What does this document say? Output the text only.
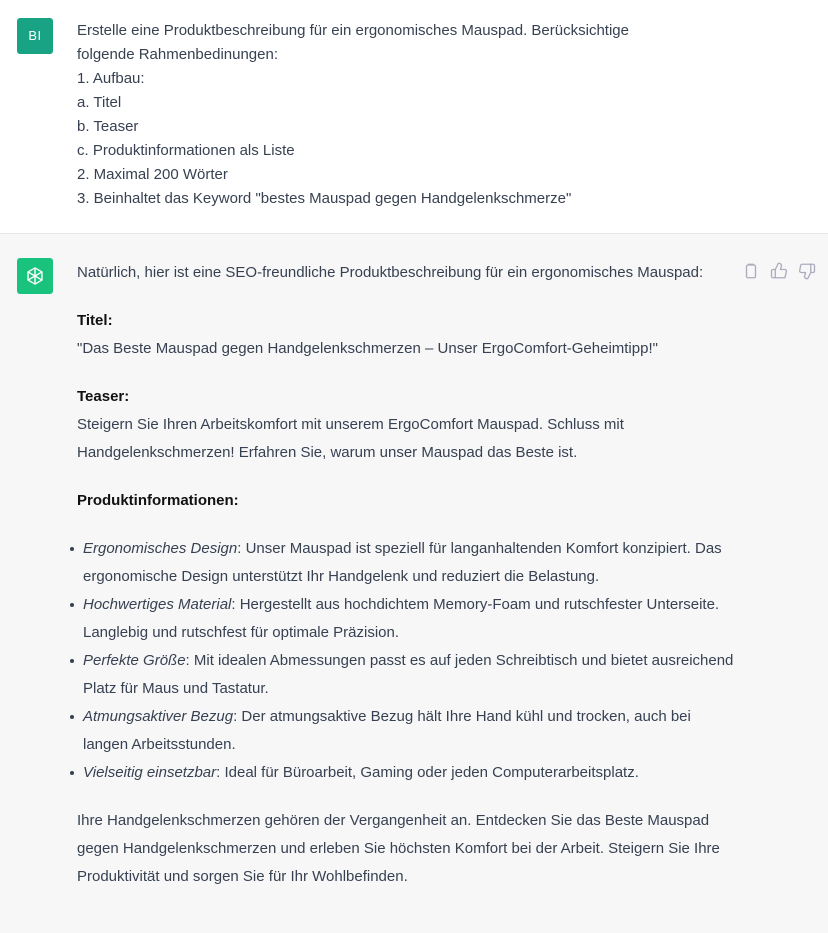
BI	Erstelle eine Produktbeschreibung für ein ergonomisches Mauspad. Berücksichtige
folgende Rahmenbedinungen:
1. Aufbau:
a. Titel
b. Teaser
c. Produktinformationen als Liste
2. Maximal 200 Wörter
3. Beinhaltet das Keyword "bestes Mauspad gegen Handgelenkschmerze"

Natürlich, hier ist eine SEO-freundliche Produktbeschreibung für ein ergonomisches Mauspad:

Titel:
"Das Beste Mauspad gegen Handgelenkschmerzen – Unser ErgoComfort-Geheimtipp!"

Teaser:
Steigern Sie Ihren Arbeitskomfort mit unserem ErgoComfort Mauspad. Schluss mit Handgelenkschmerzen! Erfahren Sie, warum unser Mauspad das Beste ist.

Produktinformationen:

Ergonomisches Design: Unser Mauspad ist speziell für langanhaltenden Komfort konzipiert. Das ergonomische Design unterstützt Ihr Handgelenk und reduziert die Belastung.
Hochwertiges Material: Hergestellt aus hochdichtem Memory-Foam und rutschfester Unterseite. Langlebig und rutschfest für optimale Präzision.
Perfekte Größe: Mit idealen Abmessungen passt es auf jeden Schreibtisch und bietet ausreichend Platz für Maus und Tastatur.
Atmungsaktiver Bezug: Der atmungsaktive Bezug hält Ihre Hand kühl und trocken, auch bei langen Arbeitsstunden.
Vielseitig einsetzbar: Ideal für Büroarbeit, Gaming oder jeden Computerarbeitsplatz.

Ihre Handgelenkschmerzen gehören der Vergangenheit an. Entdecken Sie das Beste Mauspad gegen Handgelenkschmerzen und erleben Sie höchsten Komfort bei der Arbeit. Steigern Sie Ihre Produktivität und sorgen Sie für Ihr Wohlbefinden.
